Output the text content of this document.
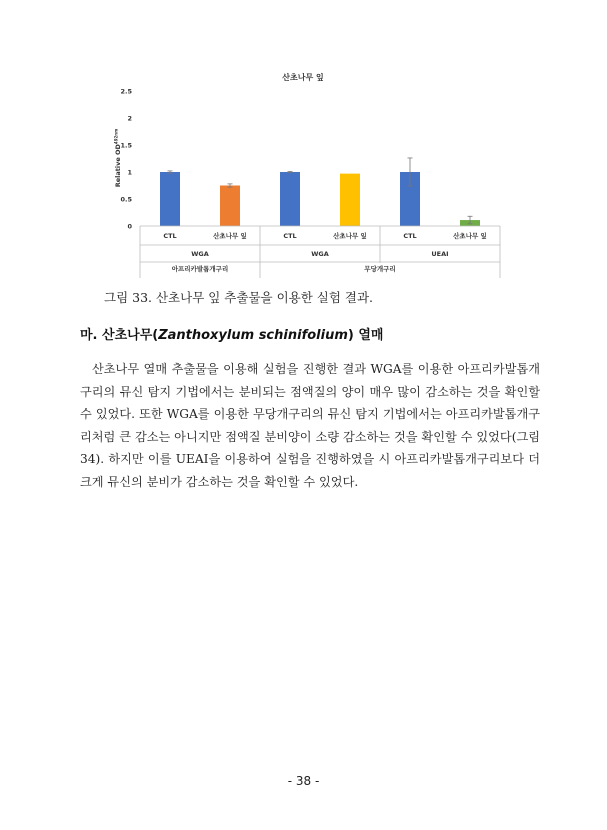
산초나무 잎
0
0.5
1
1.5
2
2.5
Relative $OD^{492nm}$
CTL	산초나무 잎	CTL	산초나무 잎	CTL	산초나무 잎
WGA	WGA	UEAI
아프리카발톱개구리	무당개구리
그림 33. 산초나무 잎 추출물을 이용한 실험 결과.
마. 산초나무(Zanthoxylum schinifolium) 열매
산초나무 열매 추출물을 이용해 실험을 진행한 결과 WGA를 이용한 아프리카발톱개구리의 뮤신 탐지 기법에서는 분비되는 점액질의 양이 매우 많이 감소하는 것을 확인할 수 있었다. 또한 WGA를 이용한 무당개구리의 뮤신 탐지 기법에서는 아프리카발톱개구리처럼 큰 감소는 아니지만 점액질 분비양이 소량 감소하는 것을 확인할 수 있었다(그림 34). 하지만 이를 UEAI을 이용하여 실험을 진행하였을 시 아프리카발톱개구리보다 더 크게 뮤신의 분비가 감소하는 것을 확인할 수 있었다.
- 38 -
